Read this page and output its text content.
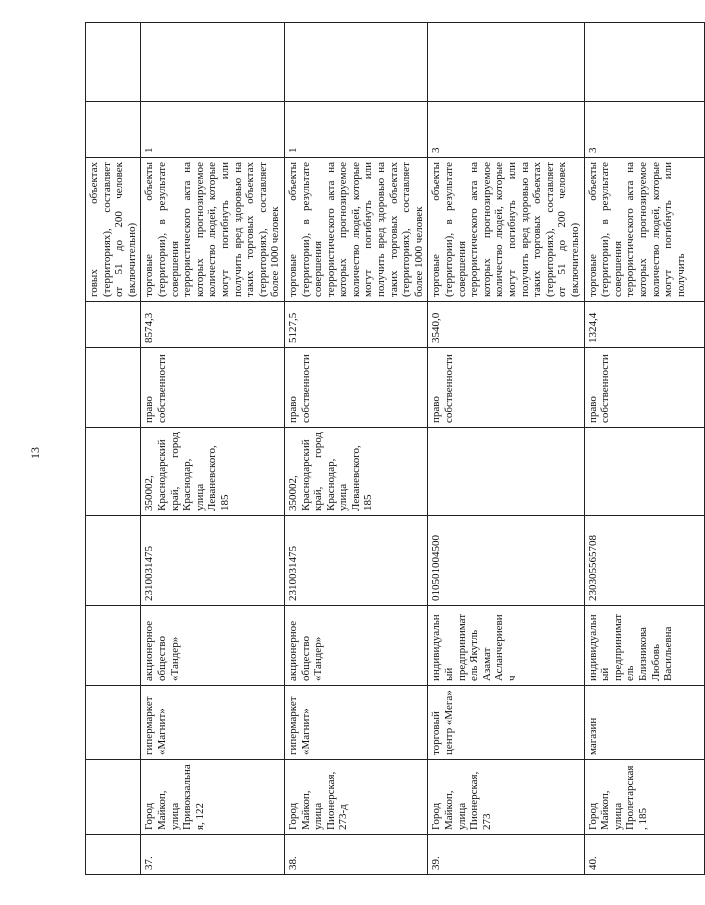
13
								говых объектах (территориях), составляет от 51 до 200 человек (включительно)		
37.	Город Майкоп, улица Привокзальная, 122	гипермаркет «Магнит»	акционерное общество «Тандер»	2310031475	350002, Краснодарский край, город Краснодар, улица Леваневского, 185	право собственности	8574,3	торговые объекты (территории), в результате совершения террористического акта на которых прогнозируемое количество людей, которые могут погибнуть или получить вред здоровью на таких торговых объектах (территориях), составляет более 1000 человек	1	
38.	Город Майкоп, улица Пионерская, 273-д	гипермаркет «Магнит»	акционерное общество «Тандер»	2310031475	350002, Краснодарский край, город Краснодар, улица Леваневского, 185	право собственности	5127,5	торговые объекты (территории), в результате совершения террористического акта на которых прогнозируемое количество людей, которые могут погибнуть или получить вред здоровью на таких торговых объектах (территориях), составляет более 1000 человек	1	
39.	Город Майкоп, улица Пионерская, 273	торговый центр «Мега»	индивидуальный предприниматель Якутль Азамат Асланчериевич	010501004500		право собственности	3540,0	торговые объекты (территории), в результате совершения террористического акта на которых прогнозируемое количество людей, которые могут погибнуть или получить вред здоровью на таких торговых объектах (территориях), составляет от 51 до 200 человек (включительно)	3	
40.	Город Майкоп, улица Пролетарская, 185	магазин	индивидуальный предприниматель Близникова Любовь Васильевна	230305565708		право собственности	1324,4	торговые объекты (территории), в результате совершения террористического акта на которых прогнозируемое количество людей, которые могут погибнуть или получить	3	
